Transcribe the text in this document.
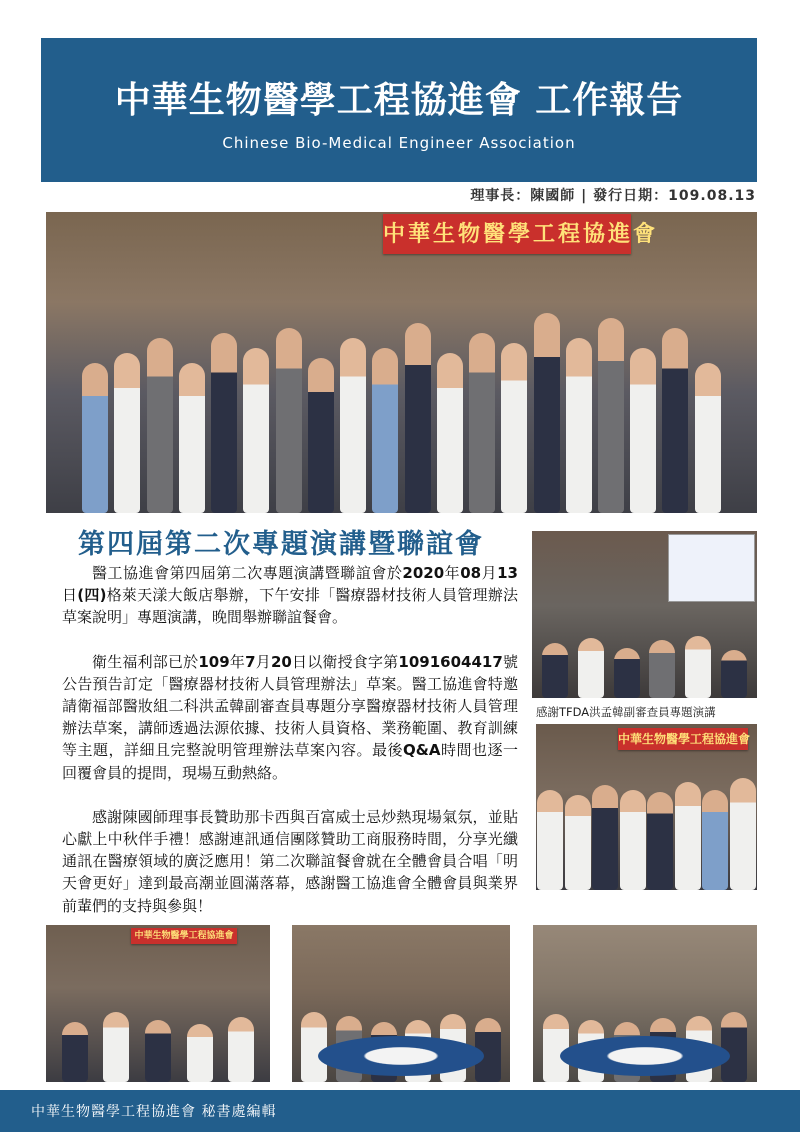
中華生物醫學工程協進會 工作報告
Chinese Bio-Medical Engineer Association
理事長：陳國師 | 發行日期：109.08.13
中華生物醫學工程協進會
第四屆第二次專題演講暨聯誼會

醫工協進會第四屆第二次專題演講暨聯誼會於2020年08月13日(四)格萊天漾大飯店舉辦，下午安排「醫療器材技術人員管理辦法草案說明」專題演講，晚間舉辦聯誼餐會。

衛生福利部已於109年7月20日以衛授食字第1091604417號公告預告訂定「醫療器材技術人員管理辦法」草案。醫工協進會特邀請衛福部醫妝組二科洪孟韓副審查員專題分享醫療器材技術人員管理辦法草案，講師透過法源依據、技術人員資格、業務範圍、教育訓練等主題，詳細且完整說明管理辦法草案內容。最後Q&A時間也逐一回覆會員的提問，現場互動熱絡。

感謝陳國師理事長贊助那卡西與百富威士忌炒熱現場氣氛，並貼心獻上中秋伴手禮！感謝連訊通信團隊贊助工商服務時間，分享光纖通訊在醫療領域的廣泛應用！第二次聯誼餐會就在全體會員合唱「明天會更好」達到最高潮並圓滿落幕，感謝醫工協進會全體會員與業界前輩們的支持與參與！

感謝TFDA洪孟韓副審查員專題演講
中華生物醫學工程協進會
中華生物醫學工程協進會
中華生物醫學工程協進會 秘書處編輯
